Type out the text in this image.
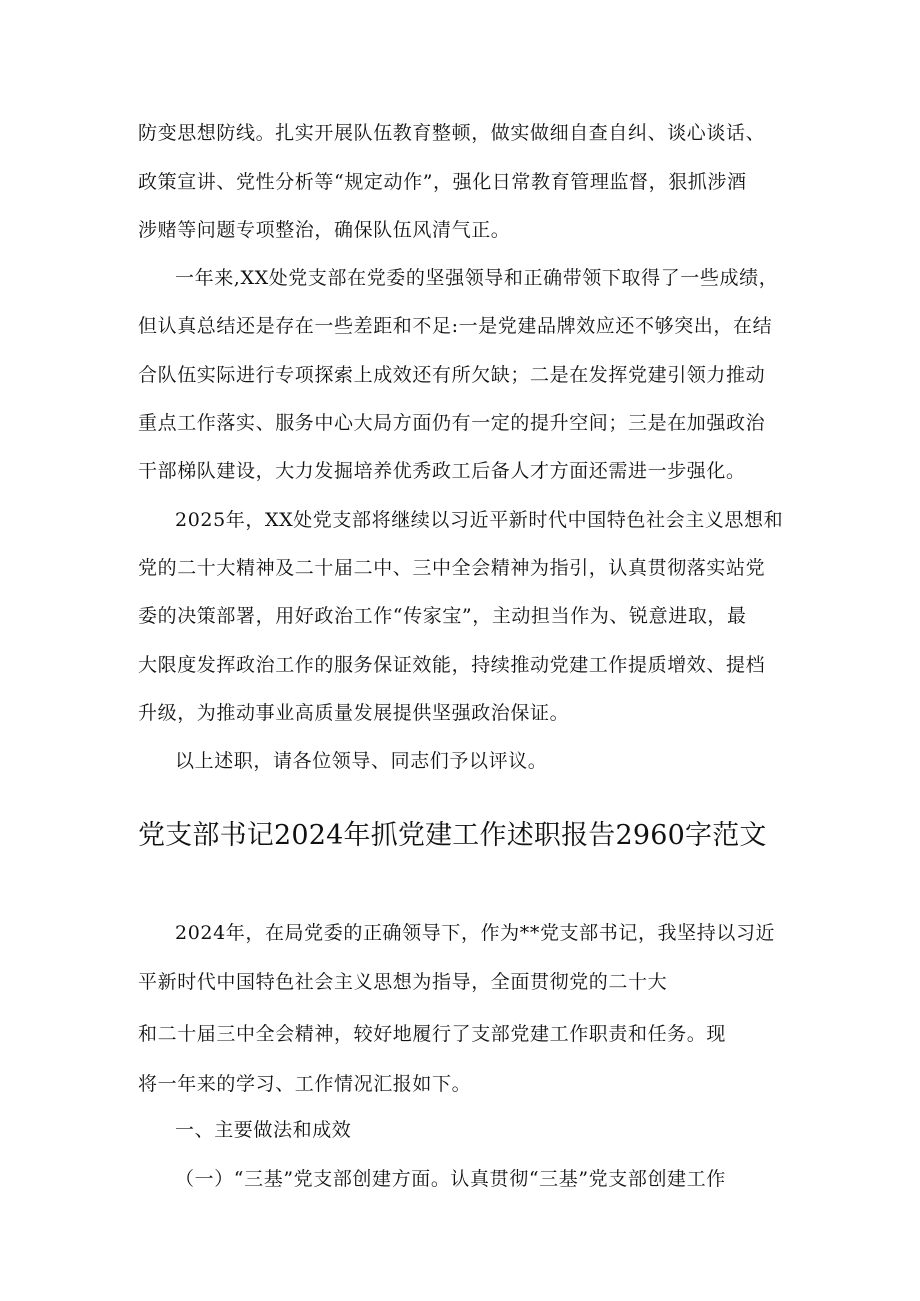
防变思想防线。扎实开展队伍教育整顿，做实做细自查自纠、谈心谈话、
政策宣讲、党性分析等“规定动作”，强化日常教育管理监督，狠抓涉酒
涉赌等问题专项整治，确保队伍风清气正。
一年来,XX处党支部在党委的坚强领导和正确带领下取得了一些成绩，
但认真总结还是存在一些差距和不足:一是党建品牌效应还不够突出，在结
合队伍实际进行专项探索上成效还有所欠缺；二是在发挥党建引领力推动
重点工作落实、服务中心大局方面仍有一定的提升空间；三是在加强政治
干部梯队建设，大力发掘培养优秀政工后备人才方面还需进一步强化。
2025年，XX处党支部将继续以习近平新时代中国特色社会主义思想和
党的二十大精神及二十届二中、三中全会精神为指引，认真贯彻落实站党
委的决策部署，用好政治工作“传家宝”，主动担当作为、锐意进取，最
大限度发挥政治工作的服务保证效能，持续推动党建工作提质增效、提档
升级，为推动事业高质量发展提供坚强政治保证。
以上述职，请各位领导、同志们予以评议。
党支部书记2024年抓党建工作述职报告2960字范文
2024年，在局党委的正确领导下，作为**党支部书记，我坚持以习近
平新时代中国特色社会主义思想为指导，全面贯彻党的二十大
和二十届三中全会精神，较好地履行了支部党建工作职责和任务。现
将一年来的学习、工作情况汇报如下。
一、主要做法和成效
（一）“三基”党支部创建方面。认真贯彻“三基”党支部创建工作
